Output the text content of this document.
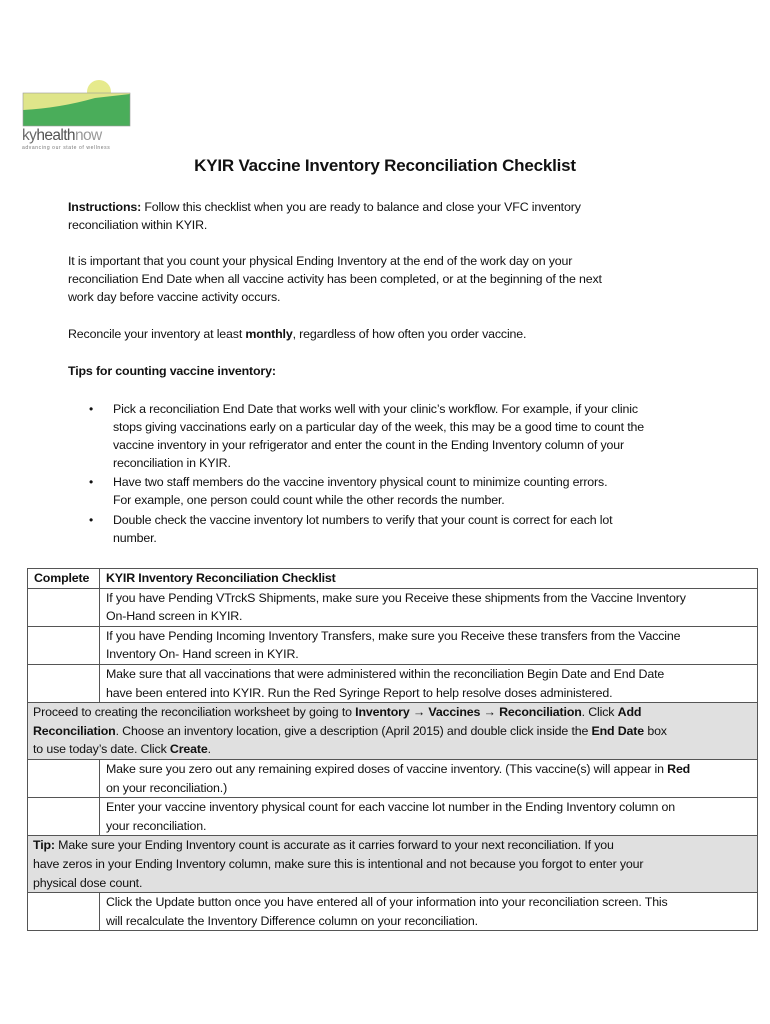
kyhealthnow
advancing our state of wellness
KYIR Vaccine Inventory Reconciliation Checklist
Instructions: Follow this checklist when you are ready to balance and close your VFC inventory
reconciliation within KYIR.
It is important that you count your physical Ending Inventory at the end of the work day on your
reconciliation End Date when all vaccine activity has been completed, or at the beginning of the next
work day before vaccine activity occurs.
Reconcile your inventory at least monthly, regardless of how often you order vaccine.
Tips for counting vaccine inventory:
• Pick a reconciliation End Date that works well with your clinic’s workflow. For example, if your clinic
stops giving vaccinations early on a particular day of the week, this may be a good time to count the
vaccine inventory in your refrigerator and enter the count in the Ending Inventory column of your
reconciliation in KYIR.
• Have two staff members do the vaccine inventory physical count to minimize counting errors.
For example, one person could count while the other records the number.
• Double check the vaccine inventory lot numbers to verify that your count is correct for each lot
number.
Complete	KYIR Inventory Reconciliation Checklist
	If you have Pending VTrckS Shipments, make sure you Receive these shipments from the Vaccine Inventory
On-Hand screen in KYIR.
	If you have Pending Incoming Inventory Transfers, make sure you Receive these transfers from the Vaccine
Inventory On- Hand screen in KYIR.
	Make sure that all vaccinations that were administered within the reconciliation Begin Date and End Date
have been entered into KYIR. Run the Red Syringe Report to help resolve doses administered.
Proceed to creating the reconciliation worksheet by going to Inventory → Vaccines → Reconciliation. Click Add
Reconciliation. Choose an inventory location, give a description (April 2015) and double click inside the End Date box
to use today’s date. Click Create.	
	Make sure you zero out any remaining expired doses of vaccine inventory. (This vaccine(s) will appear in Red
on your reconciliation.)
	Enter your vaccine inventory physical count for each vaccine lot number in the Ending Inventory column on
your reconciliation.
Tip: Make sure your Ending Inventory count is accurate as it carries forward to your next reconciliation. If you
have zeros in your Ending Inventory column, make sure this is intentional and not because you forgot to enter your
physical dose count.	
	Click the Update button once you have entered all of your information into your reconciliation screen. This
will recalculate the Inventory Difference column on your reconciliation.
